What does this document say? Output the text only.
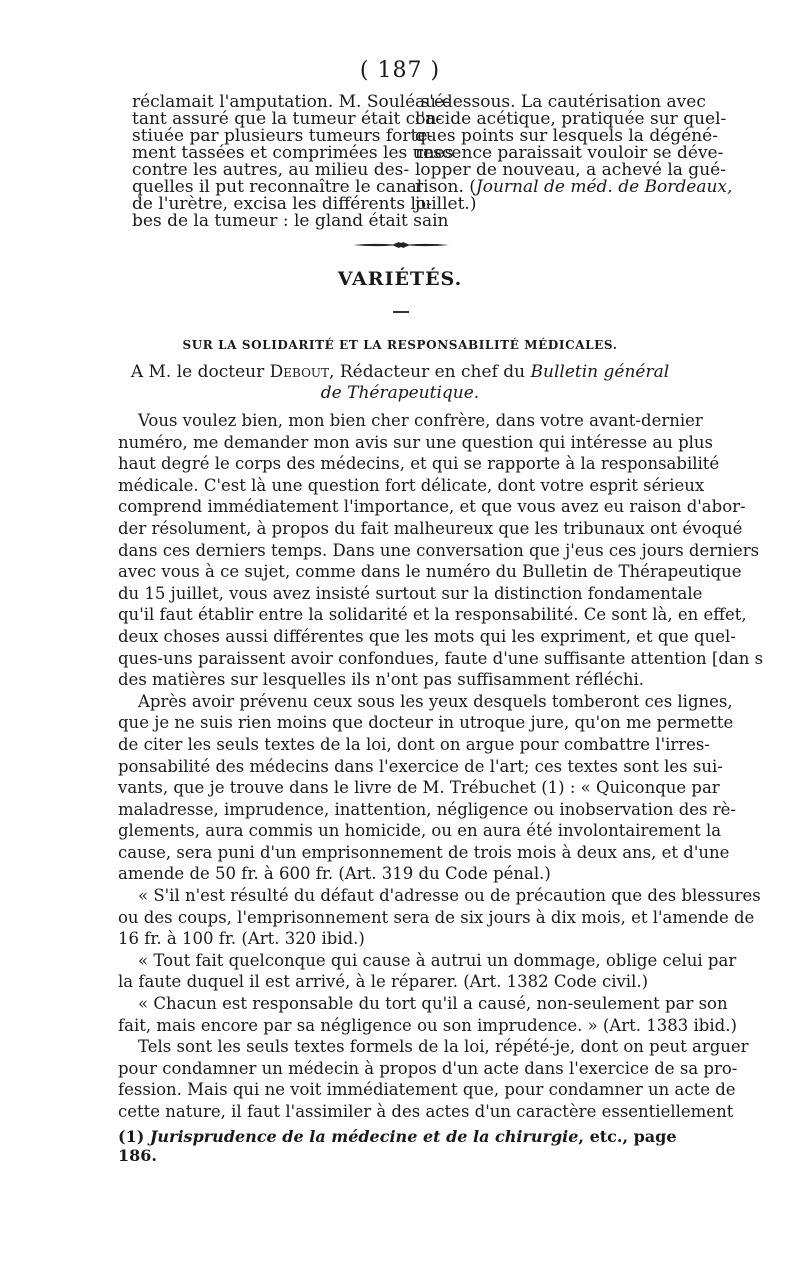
( 187 )
réclamait l'amputation. M. Soulé s'é-
tant assuré que la tumeur était con-
stiuée par plusieurs tumeurs forte-
ment tassées et comprimées les unes
contre les autres, au milieu des-
quelles il put reconnaître le canal
de l'urètre, excisa les différents lo-
bes de la tumeur : le gland était sain
au-dessous. La cautérisation avec
l'acide acétique, pratiquée sur quel-
ques points sur lesquels la dégéné-
rescence paraissait vouloir se déve-
lopper de nouveau, a achevé la gué-
rison. (Journal de méd. de Bordeaux,
juillet.)
VARIÉTÉS.
SUR LA SOLIDARITÉ ET LA RESPONSABILITÉ MÉDICALES.
A M. le docteur Debout, Rédacteur en chef du Bulletin général
de Thérapeutique.
Vous voulez bien, mon bien cher confrère, dans votre avant-dernier
numéro, me demander mon avis sur une question qui intéresse au plus
haut degré le corps des médecins, et qui se rapporte à la responsabilité
médicale. C'est là une question fort délicate, dont votre esprit sérieux
comprend immédiatement l'importance, et que vous avez eu raison d'abor-
der résolument, à propos du fait malheureux que les tribunaux ont évoqué
dans ces derniers temps. Dans une conversation que j'eus ces jours derniers
avec vous à ce sujet, comme dans le numéro du Bulletin de Thérapeutique
du 15 juillet, vous avez insisté surtout sur la distinction fondamentale
qu'il faut établir entre la solidarité et la responsabilité. Ce sont là, en effet,
deux choses aussi différentes que les mots qui les expriment, et que quel-
ques-uns paraissent avoir confondues, faute d'une suffisante attention [dan s
des matières sur lesquelles ils n'ont pas suffisamment réfléchi.
Après avoir prévenu ceux sous les yeux desquels tomberont ces lignes,
que je ne suis rien moins que docteur in utroque jure, qu'on me permette
de citer les seuls textes de la loi, dont on argue pour combattre l'irres-
ponsabilité des médecins dans l'exercice de l'art; ces textes sont les sui-
vants, que je trouve dans le livre de M. Trébuchet (1) : « Quiconque par
maladresse, imprudence, inattention, négligence ou inobservation des rè-
glements, aura commis un homicide, ou en aura été involontairement la
cause, sera puni d'un emprisonnement de trois mois à deux ans, et d'une
amende de 50 fr. à 600 fr. (Art. 319 du Code pénal.)
« S'il n'est résulté du défaut d'adresse ou de précaution que des blessures
ou des coups, l'emprisonnement sera de six jours à dix mois, et l'amende de
16 fr. à 100 fr. (Art. 320 ibid.)
« Tout fait quelconque qui cause à autrui un dommage, oblige celui par
la faute duquel il est arrivé, à le réparer. (Art. 1382 Code civil.)
« Chacun est responsable du tort qu'il a causé, non-seulement par son
fait, mais encore par sa négligence ou son imprudence. » (Art. 1383 ibid.)
Tels sont les seuls textes formels de la loi, répété-je, dont on peut arguer
pour condamner un médecin à propos d'un acte dans l'exercice de sa pro-
fession. Mais qui ne voit immédiatement que, pour condamner un acte de
cette nature, il faut l'assimiler à des actes d'un caractère essentiellement
(1) Jurisprudence de la médecine et de la chirurgie, etc., page 186.
